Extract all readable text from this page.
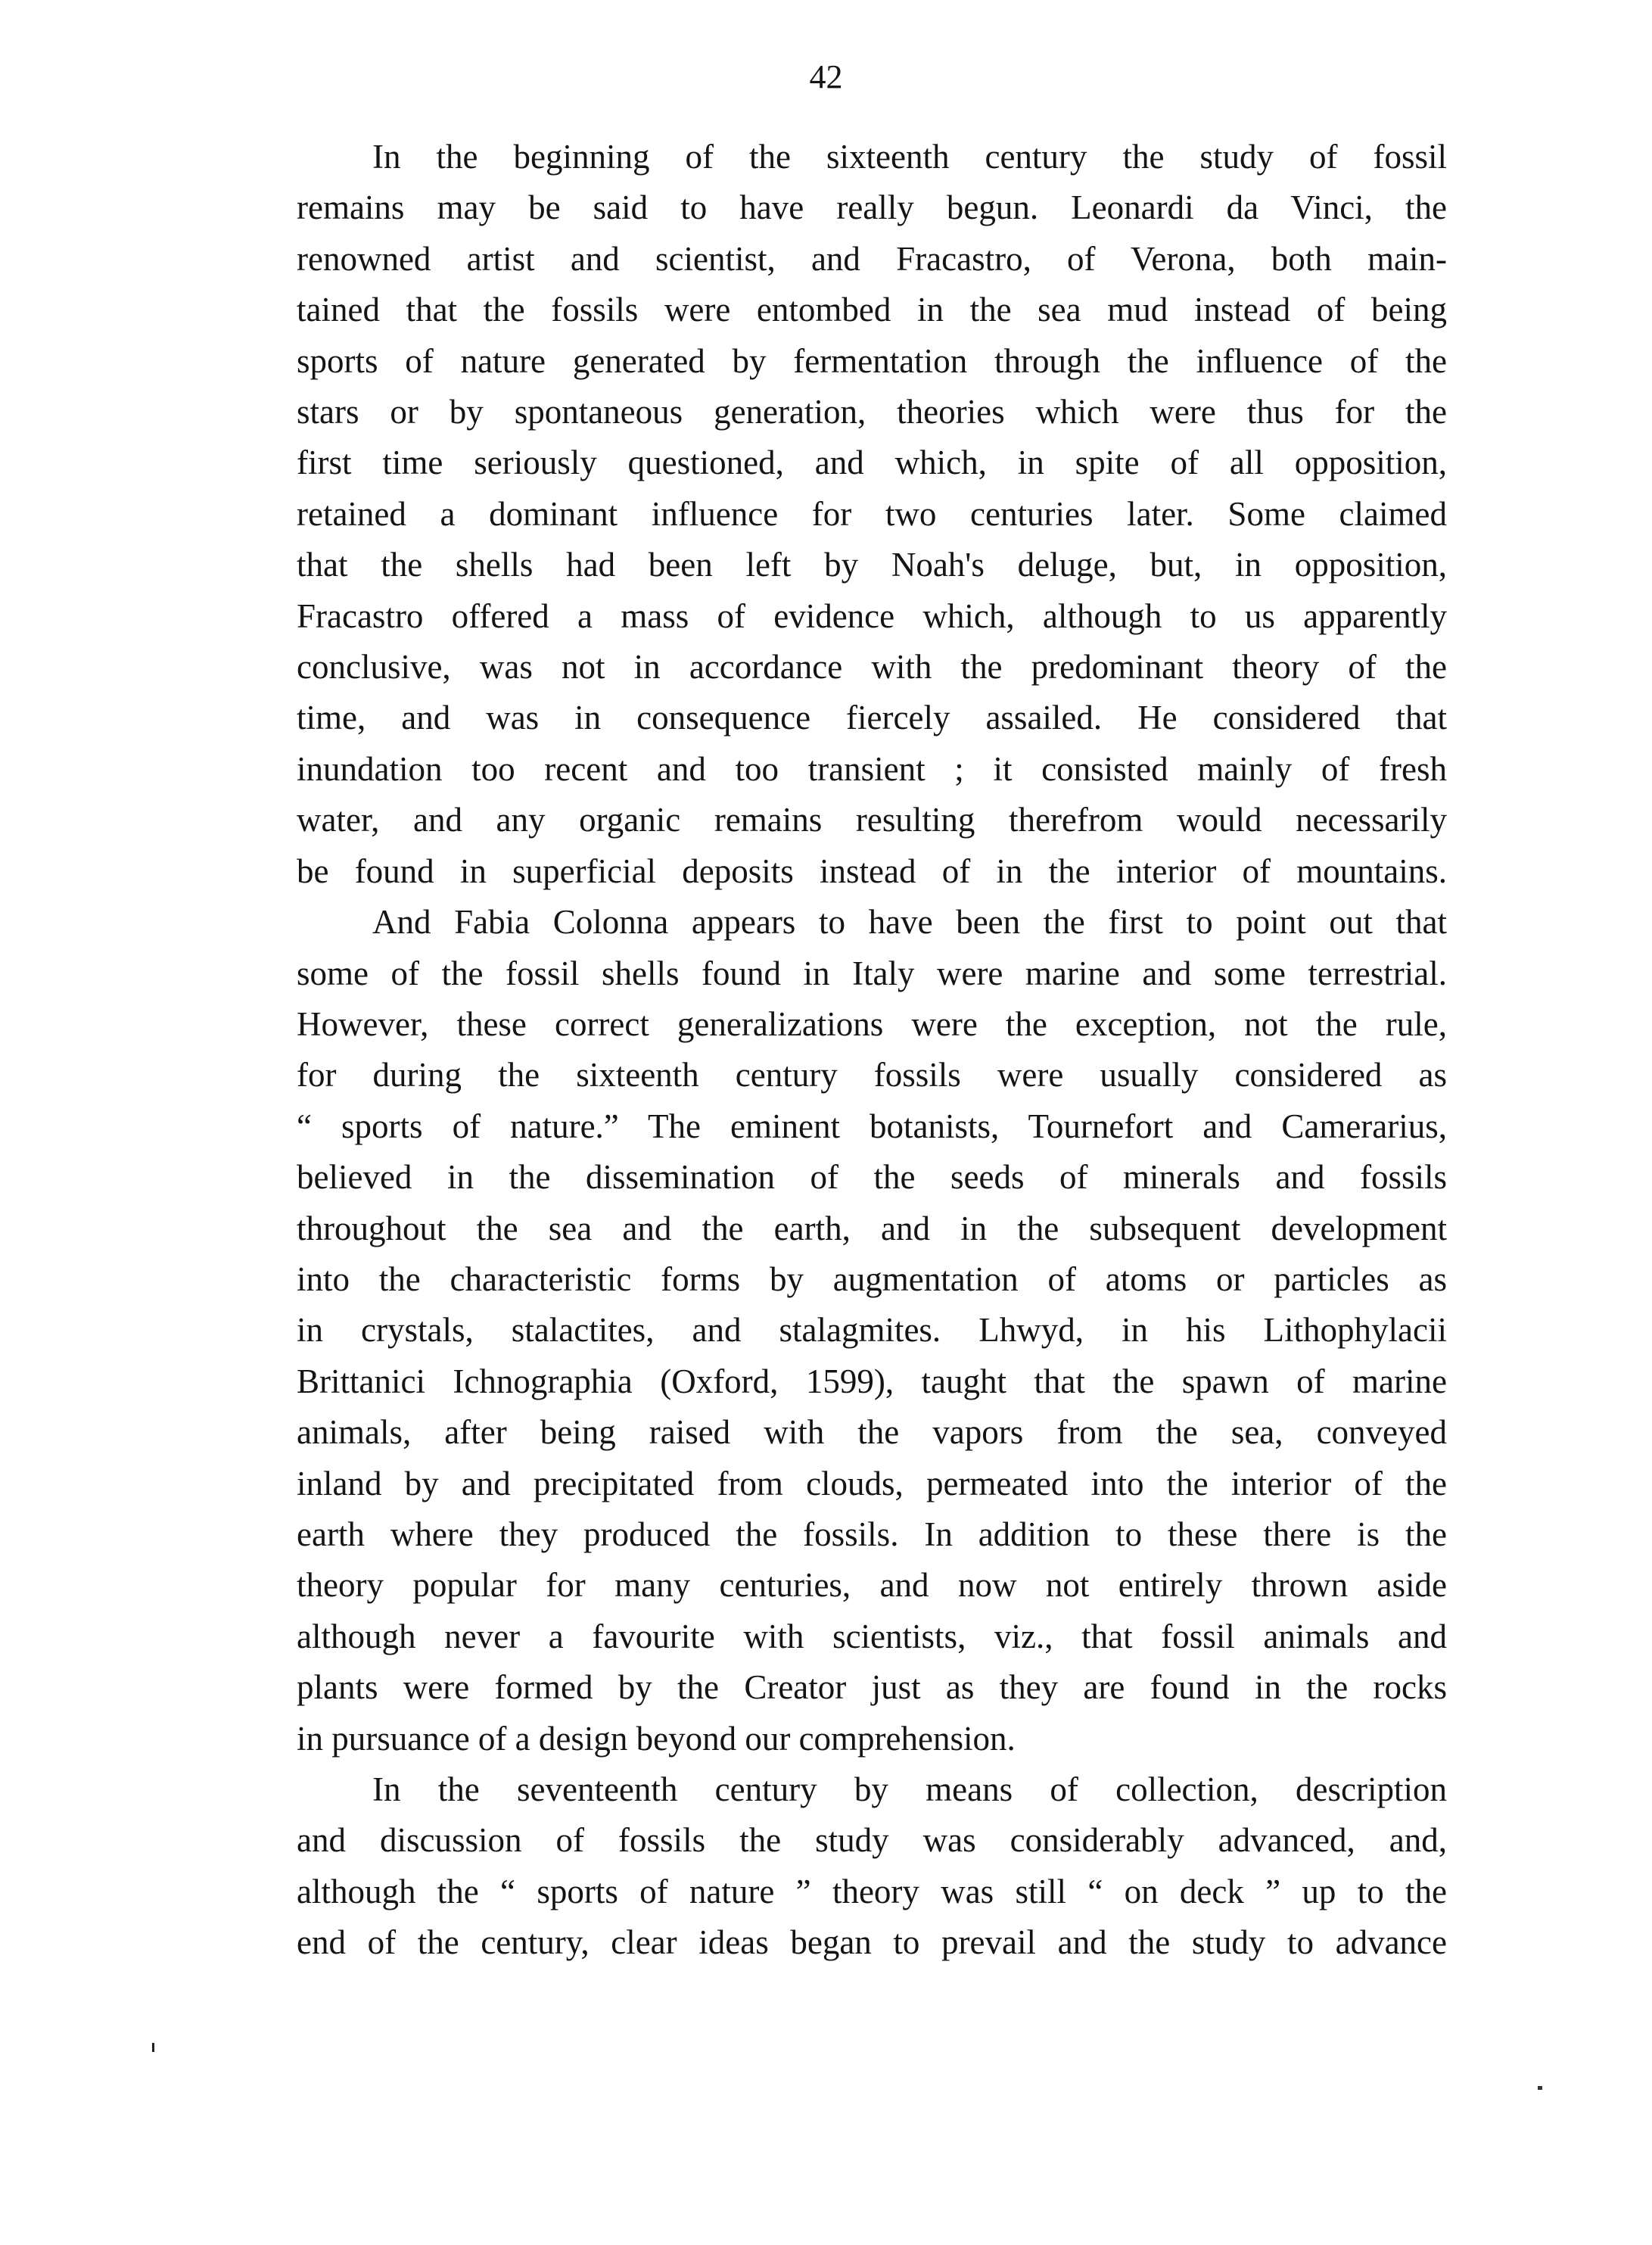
42

In the beginning of the sixteenth century the study of fossil
remains may be said to have really begun. Leonardi da Vinci, the
renowned artist and scientist, and Fracastro, of Verona, both main-
tained that the fossils were entombed in the sea mud instead of being
sports of nature generated by fermentation through the influence of the
stars or by spontaneous generation, theories which were thus for the
first time seriously questioned, and which, in spite of all opposition,
retained a dominant influence for two centuries later. Some claimed
that the shells had been left by Noah's deluge, but, in opposition,
Fracastro offered a mass of evidence which, although to us apparently
conclusive, was not in accordance with the predominant theory of the
time, and was in consequence fiercely assailed. He considered that
inundation too recent and too transient ; it consisted mainly of fresh
water, and any organic remains resulting therefrom would necessarily
be found in superficial deposits instead of in the interior of mountains.

And Fabia Colonna appears to have been the first to point out that
some of the fossil shells found in Italy were marine and some terrestrial.
However, these correct generalizations were the exception, not the rule,
for during the sixteenth century fossils were usually considered as
“ sports of nature.” The eminent botanists, Tournefort and Camerarius,
believed in the dissemination of the seeds of minerals and fossils
throughout the sea and the earth, and in the subsequent development
into the characteristic forms by augmentation of atoms or particles as
in crystals, stalactites, and stalagmites. Lhwyd, in his Lithophylacii
Brittanici Ichnographia (Oxford, 1599), taught that the spawn of marine
animals, after being raised with the vapors from the sea, conveyed
inland by and precipitated from clouds, permeated into the interior of the
earth where they produced the fossils. In addition to these there is the
theory popular for many centuries, and now not entirely thrown aside
although never a favourite with scientists, viz., that fossil animals and
plants were formed by the Creator just as they are found in the rocks
in pursuance of a design beyond our comprehension.

In the seventeenth century by means of collection, description
and discussion of fossils the study was considerably advanced, and,
although the “ sports of nature ” theory was still “ on deck ” up to the
end of the century, clear ideas began to prevail and the study to advance
